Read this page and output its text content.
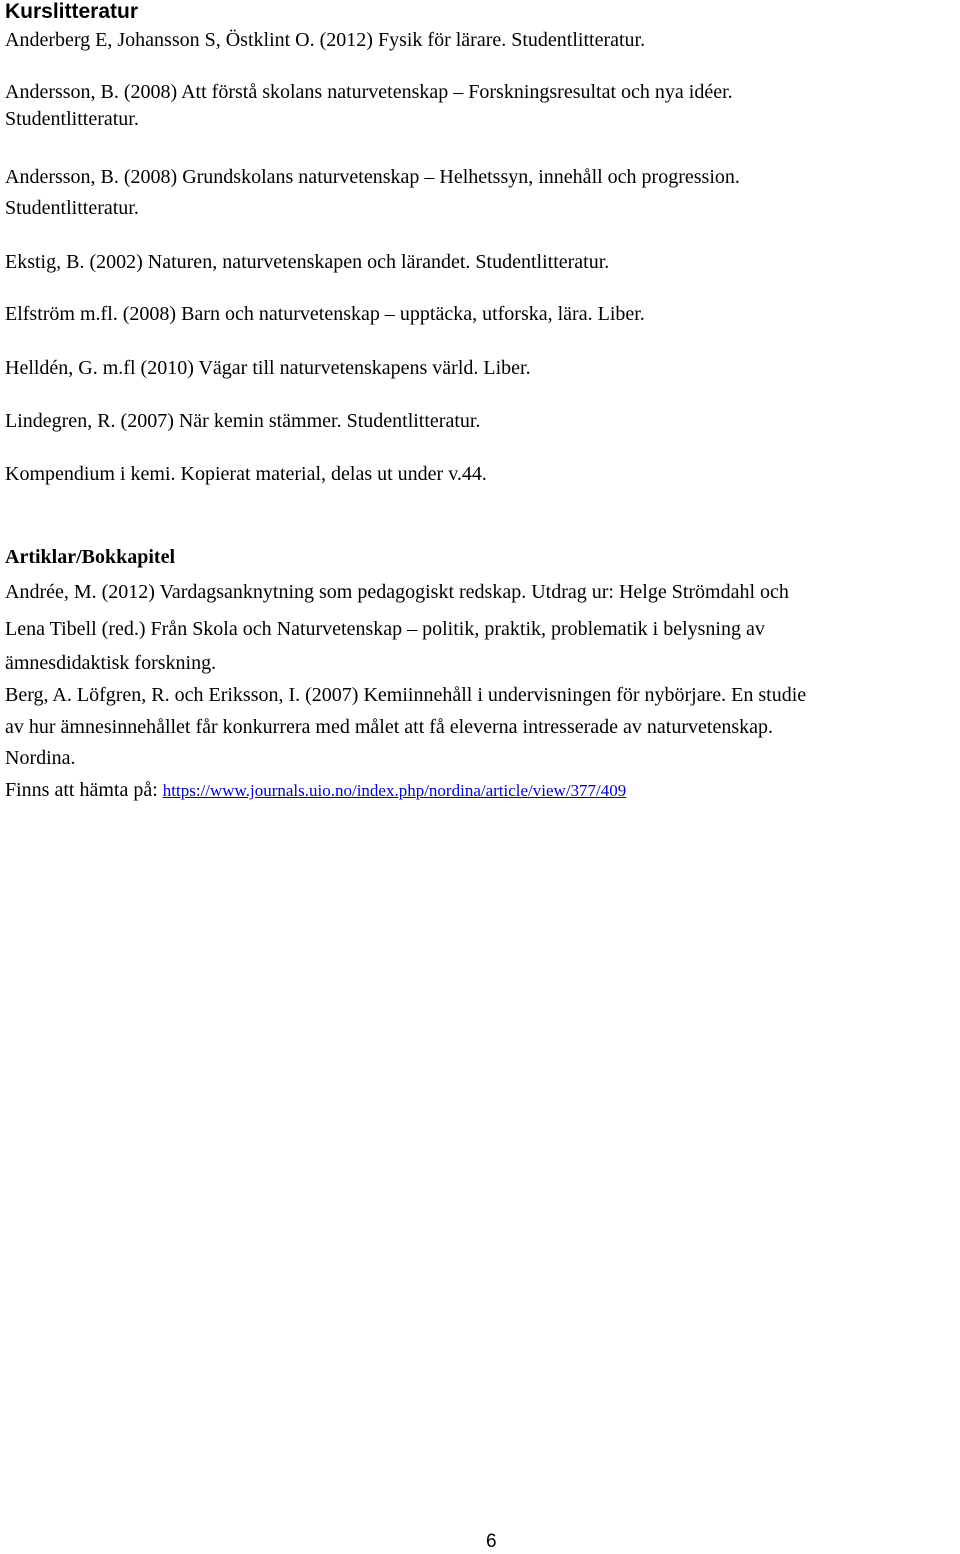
Kurslitteratur
Anderberg E, Johansson S, Östklint O. (2012) Fysik för lärare. Studentlitteratur.
Andersson, B. (2008) Att förstå skolans naturvetenskap – Forskningsresultat och nya idéer.
Studentlitteratur.
Andersson, B. (2008) Grundskolans naturvetenskap – Helhetssyn, innehåll och progression.
Studentlitteratur.
Ekstig, B. (2002) Naturen, naturvetenskapen och lärandet. Studentlitteratur.
Elfström m.fl. (2008) Barn och naturvetenskap – upptäcka, utforska, lära. Liber.
Helldén, G. m.fl (2010) Vägar till naturvetenskapens värld. Liber.
Lindegren, R. (2007) När kemin stämmer. Studentlitteratur.
Kompendium i kemi. Kopierat material, delas ut under v.44.
Artiklar/Bokkapitel
Andrée, M. (2012) Vardagsanknytning som pedagogiskt redskap. Utdrag ur: Helge Strömdahl och
Lena Tibell (red.) Från Skola och Naturvetenskap – politik, praktik, problematik i belysning av
ämnesdidaktisk forskning.
Berg, A. Löfgren, R. och Eriksson, I. (2007) Kemiinnehåll i undervisningen för nybörjare. En studie
av hur ämnesinnehållet får konkurrera med målet att få eleverna intresserade av naturvetenskap.
Nordina.
Finns att hämta på: https://www.journals.uio.no/index.php/nordina/article/view/377/409
6
